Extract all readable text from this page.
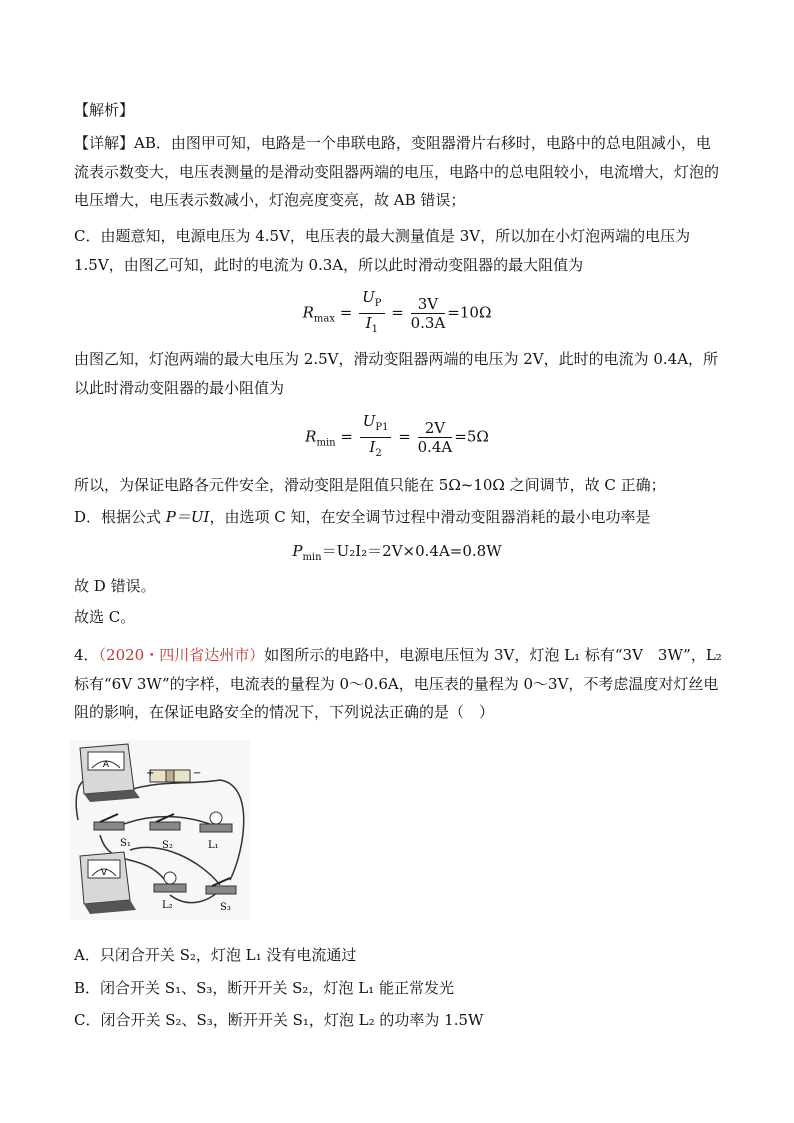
【解析】
【详解】AB．由图甲可知，电路是一个串联电路，变阻器滑片右移时，电路中的总电阻减小，电流表示数变大，电压表测量的是滑动变阻器两端的电压，电路中的总电阻较小，电流增大，灯泡的电压增大，电压表示数减小，灯泡亮度变亮，故 AB 错误；
C．由题意知，电源电压为 4.5V，电压表的最大测量值是 3V，所以加在小灯泡两端的电压为 1.5V，由图乙可知，此时的电流为 0.3A，所以此时滑动变阻器的最大阻值为
$R_{max} = \frac{U_P}{I_1} = \frac{3V}{0.3A} =10\Omega$
由图乙知，灯泡两端的最大电压为 2.5V，滑动变阻器两端的电压为 2V，此时的电流为 0.4A，所以此时滑动变阻器的最小阻值为
$R_{min} = \frac{U_{P1}}{I_2} = \frac{2V}{0.4A} =5\Omega$
所以，为保证电路各元件安全，滑动变阻是阻值只能在 5Ω~10Ω 之间调节，故 C 正确；
D．根据公式 P＝UI，由选项 C 知，在安全调节过程中滑动变阻器消耗的最小电功率是
$P_{min}=U_2I_2=2V\times 0.4A=0.8W$
故 D 错误。
故选 C。
4．（2020・四川省达州市）如图所示的电路中，电源电压恒为 3V，灯泡 L₁ 标有“3V　3W”，L₂ 标有“6V 3W”的字样，电流表的量程为 0～0.6A，电压表的量程为 0～3V，不考虑温度对灯丝电阻的影响，在保证电路安全的情况下，下列说法正确的是（　）
A
+	−
S₁	S₂	L₁
V
L₂	S₃
A．只闭合开关 S₂，灯泡 L₁ 没有电流通过
B．闭合开关 S₁、S₃，断开开关 S₂，灯泡 L₁ 能正常发光
C．闭合开关 S₂、S₃，断开开关 S₁，灯泡 L₂ 的功率为 1.5W
